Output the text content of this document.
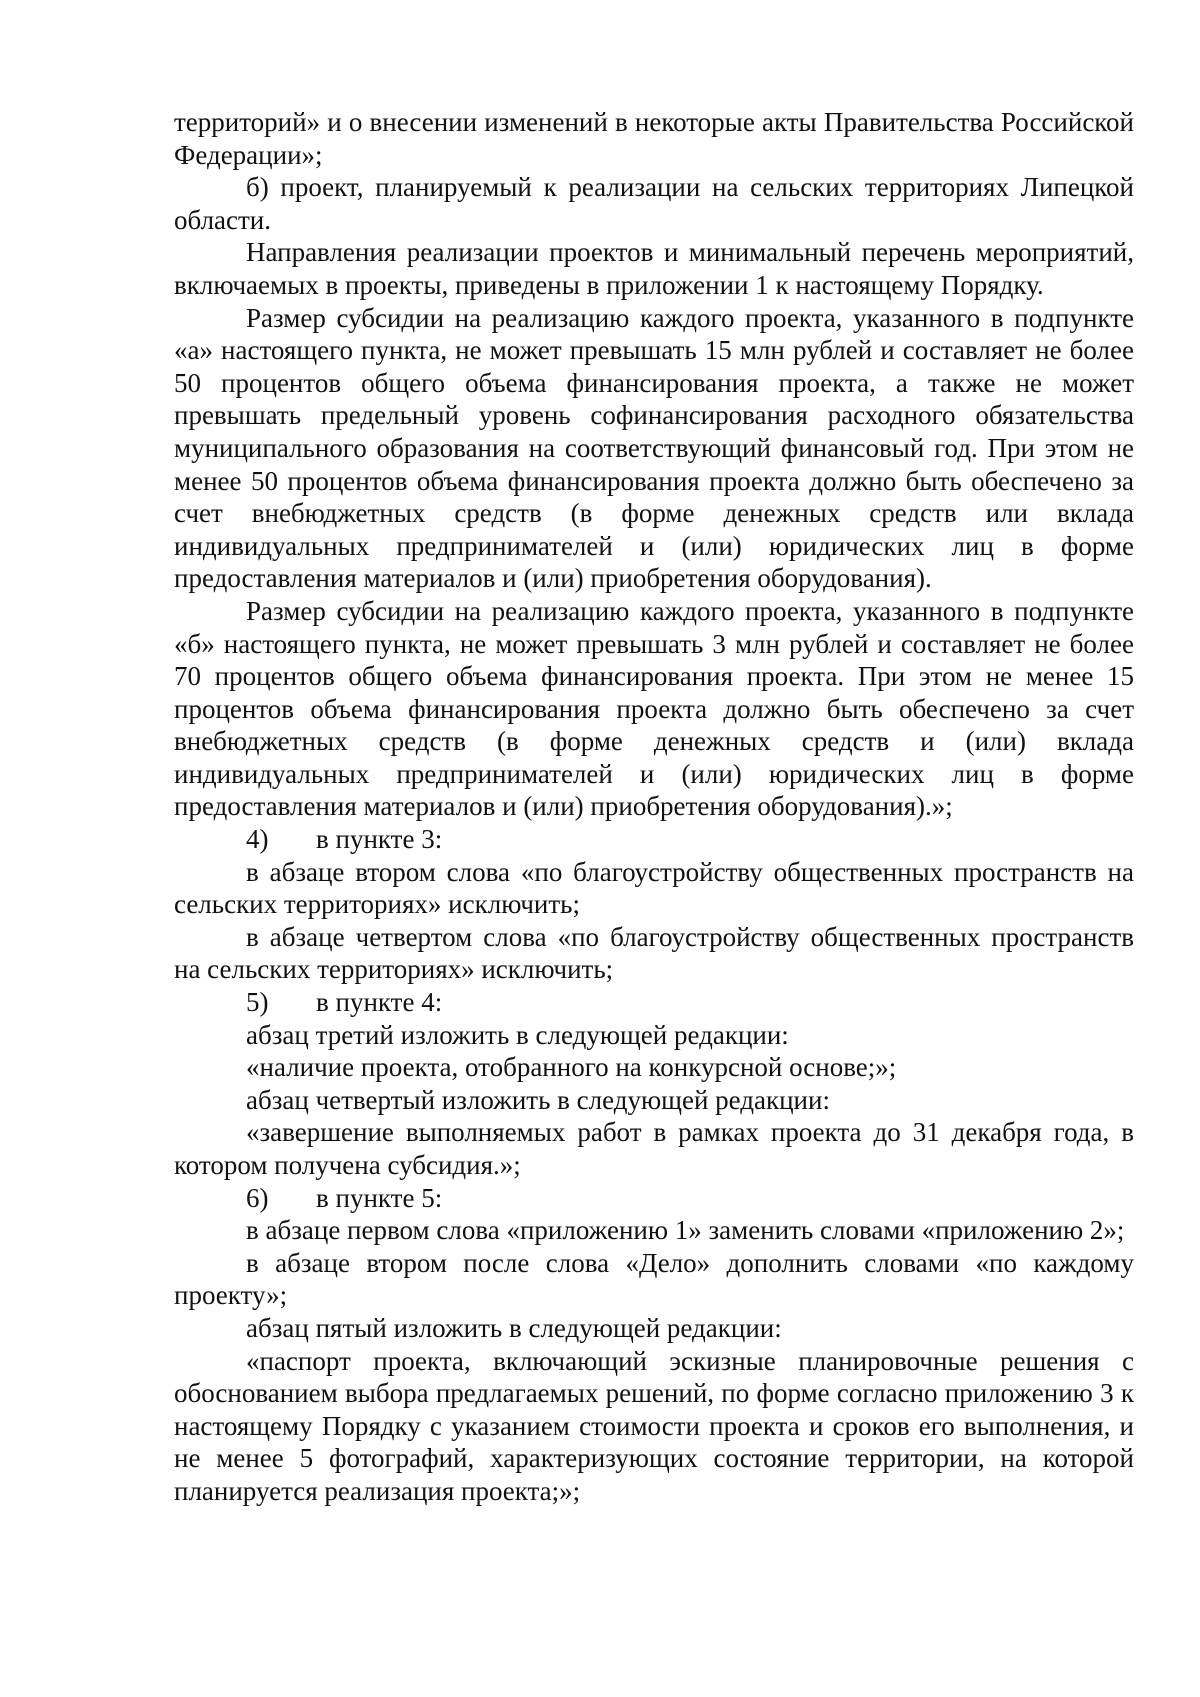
территорий» и о внесении изменений в некоторые акты Правительства Российской Федерации»;

б) проект, планируемый к реализации на сельских территориях Липецкой области.

Направления реализации проектов и минимальный перечень мероприятий, включаемых в проекты, приведены в приложении 1 к настоящему Порядку.

Размер субсидии на реализацию каждого проекта, указанного в подпункте «а» настоящего пункта, не может превышать 15 млн рублей и составляет не более 50 процентов общего объема финансирования проекта, а также не может превышать предельный уровень софинансирования расходного обязательства муниципального образования на соответствующий финансовый год. При этом не менее 50 процентов объема финансирования проекта должно быть обеспечено за счет внебюджетных средств (в форме денежных средств или вклада индивидуальных предпринимателей и (или) юридических лиц в форме предоставления материалов и (или) приобретения оборудования).

Размер субсидии на реализацию каждого проекта, указанного в подпункте «б» настоящего пункта, не может превышать 3 млн рублей и составляет не более 70 процентов общего объема финансирования проекта. При этом не менее 15 процентов объема финансирования проекта должно быть обеспечено за счет внебюджетных средств (в форме денежных средств и (или) вклада индивидуальных предпринимателей и (или) юридических лиц в форме предоставления материалов и (или) приобретения оборудования).»;

4) в пункте 3:

в абзаце втором слова «по благоустройству общественных пространств на сельских территориях» исключить;

в абзаце четвертом слова «по благоустройству общественных пространств на сельских территориях» исключить;

5) в пункте 4:

абзац третий изложить в следующей редакции:

«наличие проекта, отобранного на конкурсной основе;»;

абзац четвертый изложить в следующей редакции:

«завершение выполняемых работ в рамках проекта до 31 декабря года, в котором получена субсидия.»;

6) в пункте 5:

в абзаце первом слова «приложению 1» заменить словами «приложению 2»;

в абзаце втором после слова «Дело» дополнить словами «по каждому проекту»;

абзац пятый изложить в следующей редакции:

«паспорт проекта, включающий эскизные планировочные решения с обоснованием выбора предлагаемых решений, по форме согласно приложению 3 к настоящему Порядку с указанием стоимости проекта и сроков его выполнения, и не менее 5 фотографий, характеризующих состояние территории, на которой планируется реализация проекта;»;
